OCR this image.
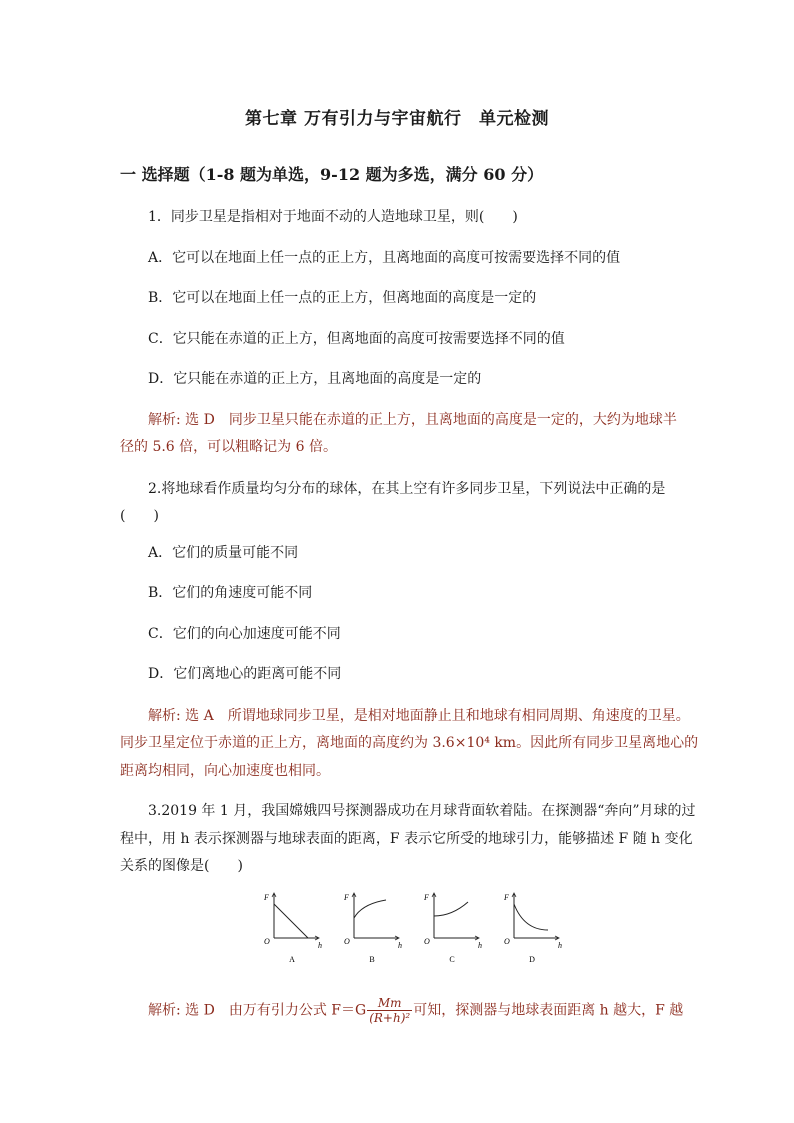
第七章 万有引力与宇宙航行　单元检测
一 选择题（1-8 题为单选，9-12 题为多选，满分 60 分）
1．同步卫星是指相对于地面不动的人造地球卫星，则(　　)
A．它可以在地面上任一点的正上方，且离地面的高度可按需要选择不同的值
B．它可以在地面上任一点的正上方，但离地面的高度是一定的
C．它只能在赤道的正上方，但离地面的高度可按需要选择不同的值
D．它只能在赤道的正上方，且离地面的高度是一定的
解析: 选 D　同步卫星只能在赤道的正上方，且离地面的高度是一定的，大约为地球半
径的 5.6 倍，可以粗略记为 6 倍。
2.将地球看作质量均匀分布的球体，在其上空有许多同步卫星，下列说法中正确的是
(　　)
A．它们的质量可能不同
B．它们的角速度可能不同
C．它们的向心加速度可能不同
D．它们离地心的距离可能不同
解析: 选 A　所谓地球同步卫星，是相对地面静止且和地球有相同周期、角速度的卫星。
同步卫星定位于赤道的正上方，离地面的高度约为 3.6×10⁴ km。因此所有同步卫星离地心的
距离均相同，向心加速度也相同。
3.2019 年 1 月，我国嫦娥四号探测器成功在月球背面软着陆。在探测器“奔向”月球的过
程中，用 h 表示探测器与地球表面的距离，F 表示它所受的地球引力，能够描述 F 随 h 变化
关系的图像是(　　)
F
h
O
A
F
h
O
B
F
h
O
C
F
h
O
D
解析: 选 D　由万有引力公式 $F=G \frac{Mm}{\text{(R+h)²}}$ 可知，探测器与地球表面距离 h 越大，F 越
